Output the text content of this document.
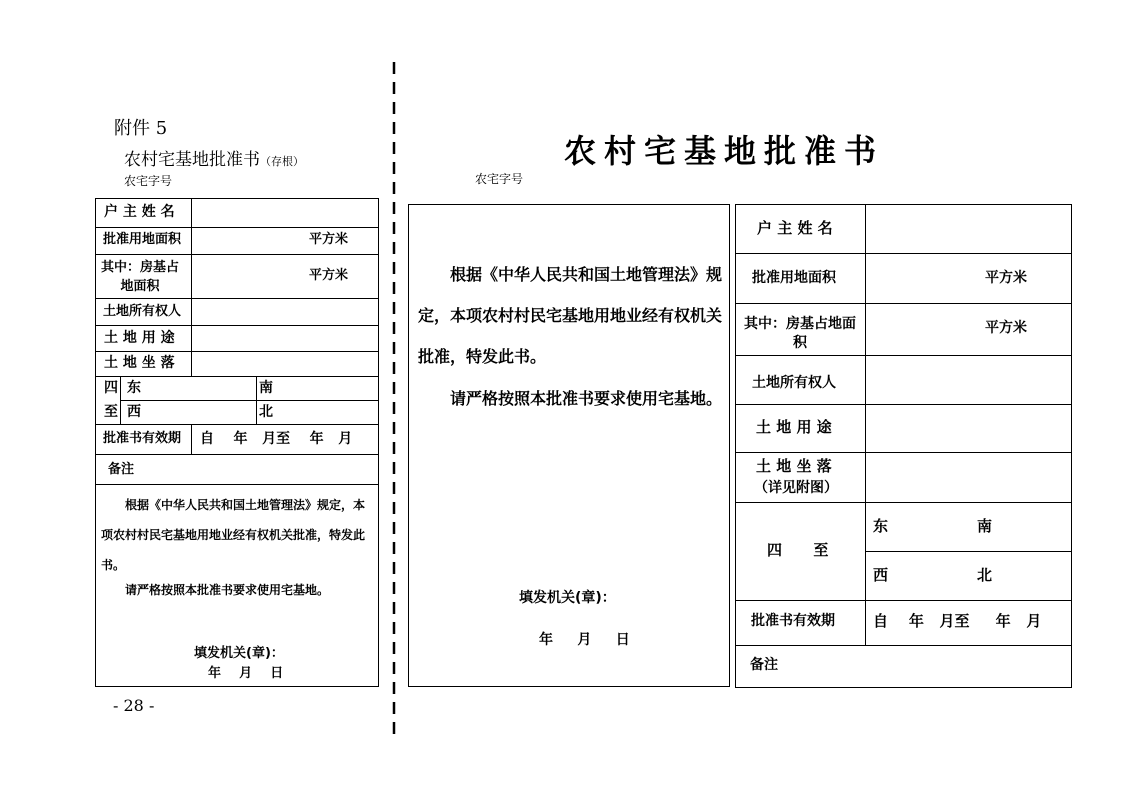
附件 5
农村宅基地批准书（存根）
农宅字号
户 主 姓 名
批准用地面积	平方米
其中：房基占地面积
平方米
土地所有权人
土 地 用 途
土 地 坐 落
四
至
东	南
西	北
批准书有效期 自    年   月至    年   月
备注
根据《中华人民共和国土地管理法》规定，本项农村村民宅基地用地业经有权机关批准，特发此书。
请严格按照本批准书要求使用宅基地。
填发机关(章)：
年    月    日
- 28 -
农村宅基地批准书
农宅字号
根据《中华人民共和国土地管理法》规定，本项农村村民宅基地用地业经有权机关批准，特发此书。
请严格按照本批准书要求使用宅基地。
填发机关(章)：
年     月     日
户 主 姓 名
批准用地面积	平方米
其中：房基占地面积
平方米
土地所有权人
土 地 用 途
土 地 坐 落
（详见附图）
四      至
东	南
西	北
批准书有效期	自    年   月至     年   月
备注
